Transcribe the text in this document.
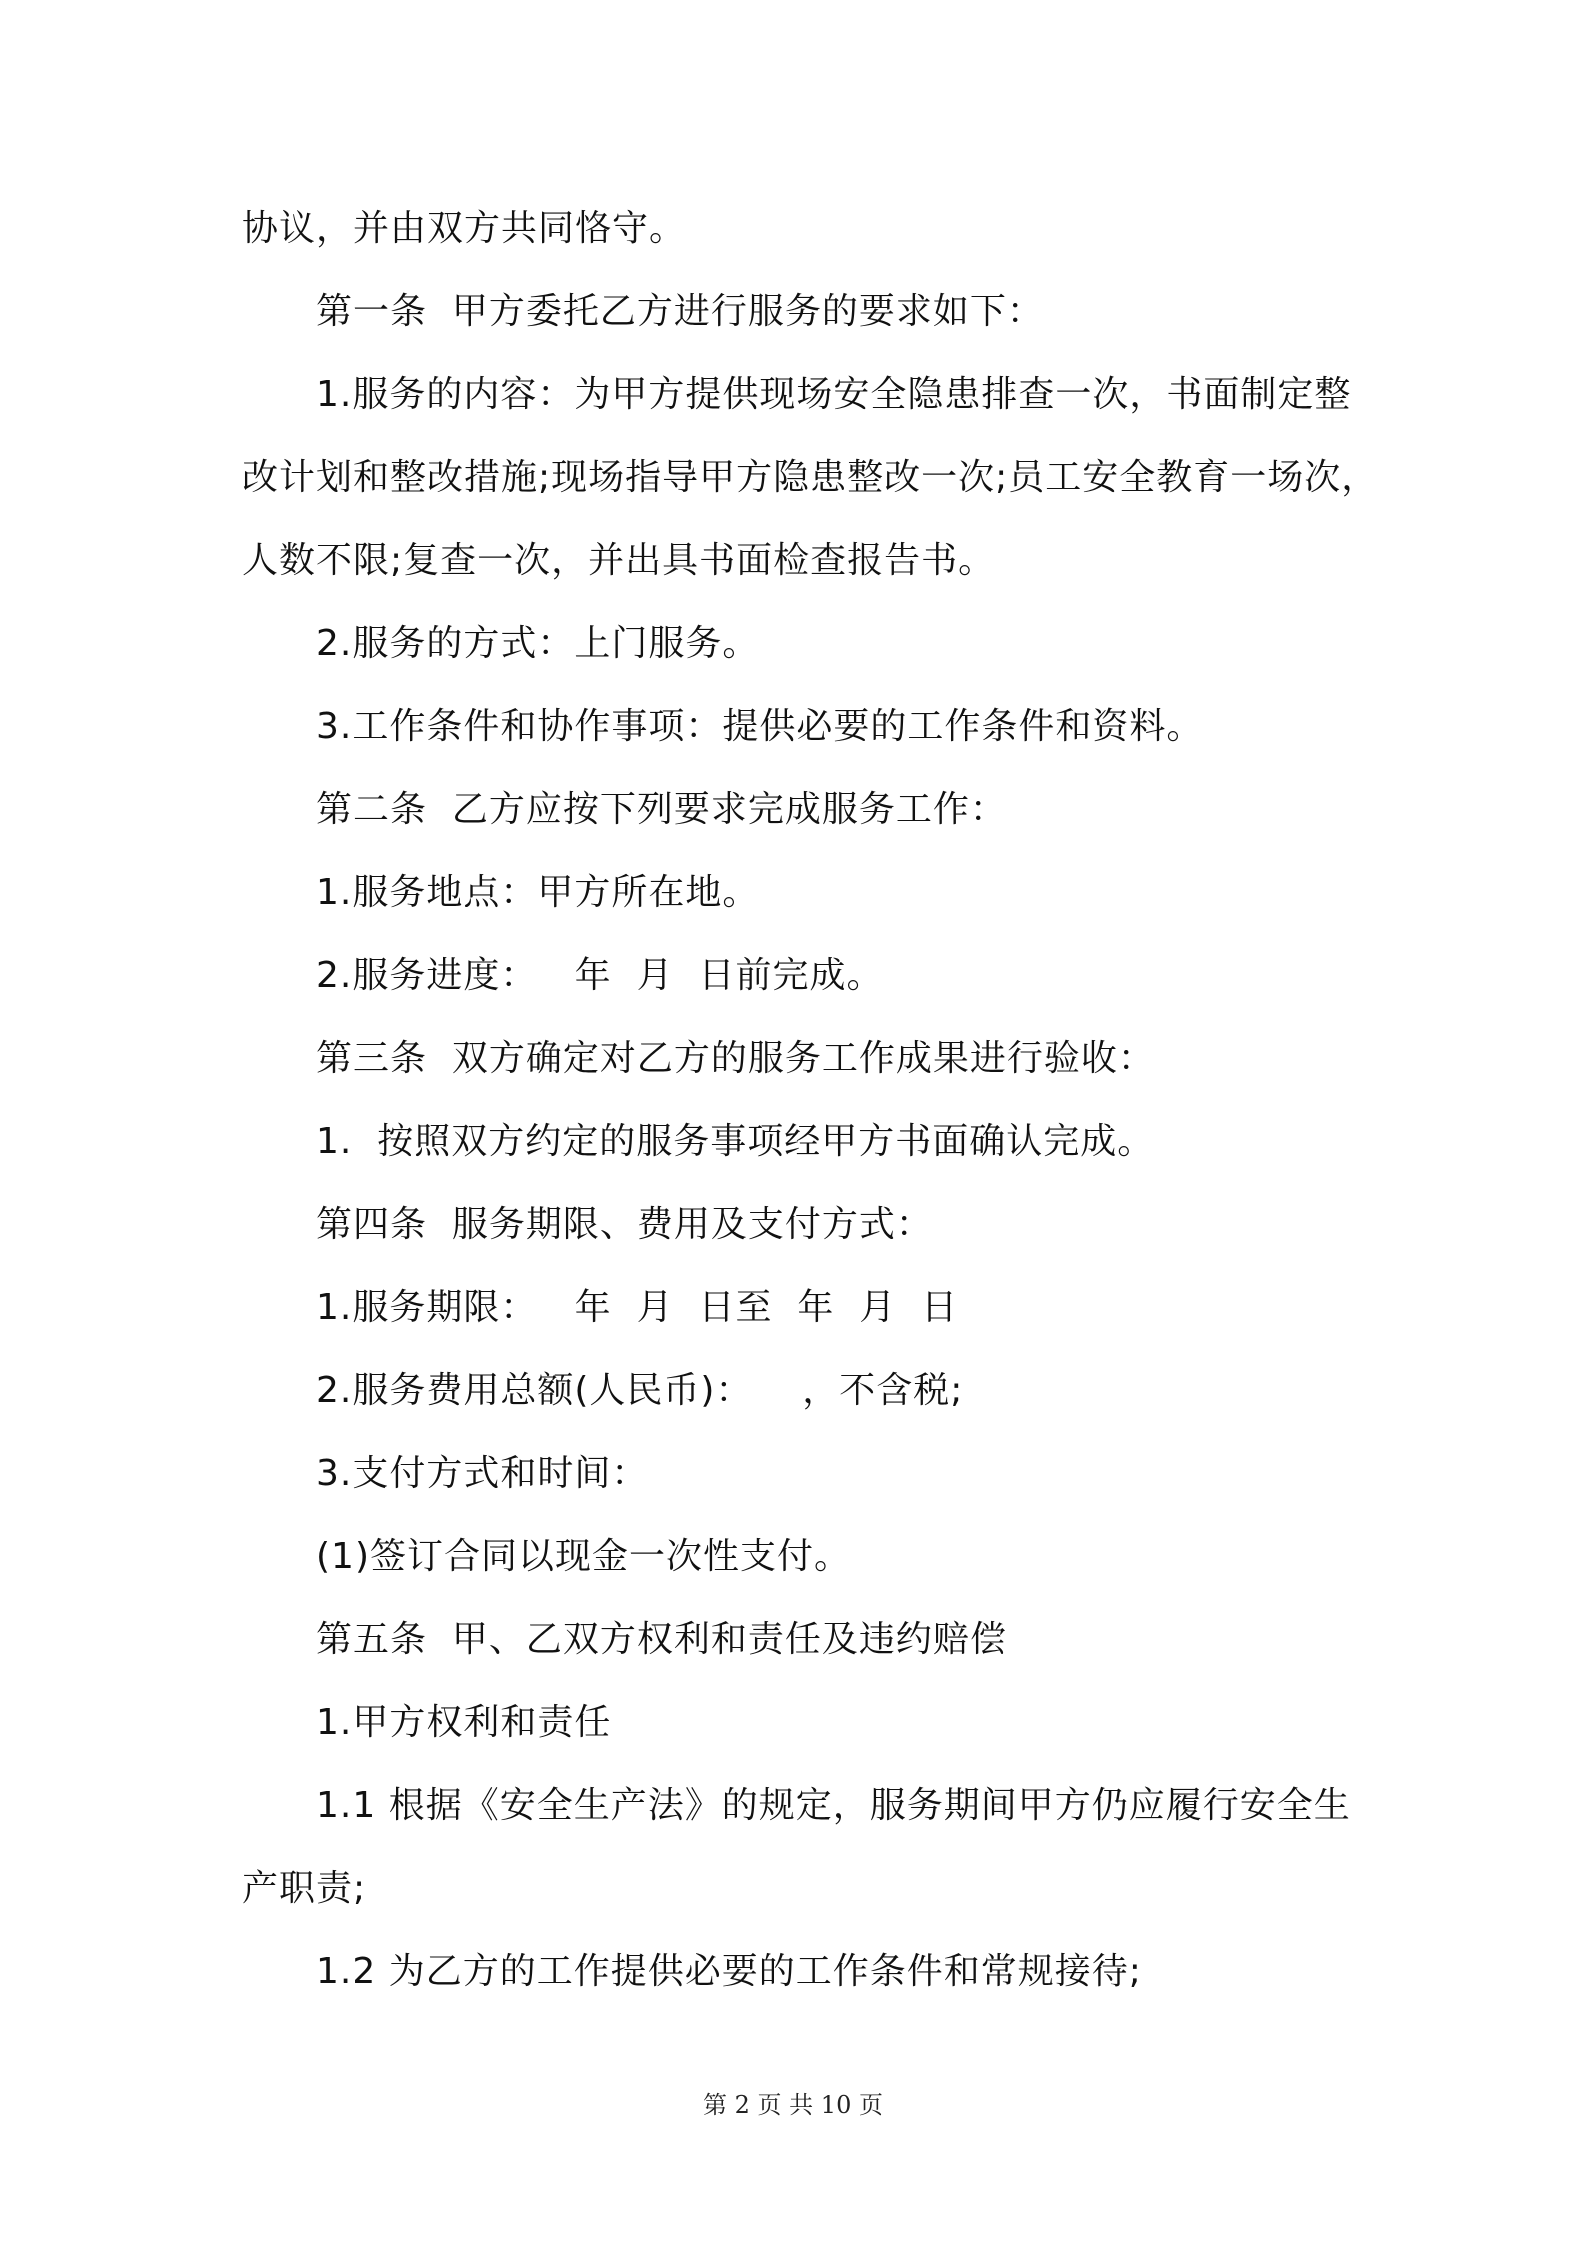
协议，并由双方共同恪守。
第一条  甲方委托乙方进行服务的要求如下：
1.服务的内容：为甲方提供现场安全隐患排查一次，书面制定整
改计划和整改措施;现场指导甲方隐患整改一次;员工安全教育一场次，
人数不限;复查一次，并出具书面检查报告书。
2.服务的方式：上门服务。
3.工作条件和协作事项：提供必要的工作条件和资料。
第二条  乙方应按下列要求完成服务工作：
1.服务地点：甲方所在地。
2.服务进度：   年  月  日前完成。
第三条  双方确定对乙方的服务工作成果进行验收：
1.  按照双方约定的服务事项经甲方书面确认完成。
第四条  服务期限、费用及支付方式：
1.服务期限：   年  月  日至  年  月  日
2.服务费用总额(人民币)：    ，不含税;
3.支付方式和时间：
(1)签订合同以现金一次性支付。
第五条  甲、乙双方权利和责任及违约赔偿
1.甲方权利和责任
1.1 根据《安全生产法》的规定，服务期间甲方仍应履行安全生
产职责;
1.2 为乙方的工作提供必要的工作条件和常规接待;
第 2 页 共 10 页
